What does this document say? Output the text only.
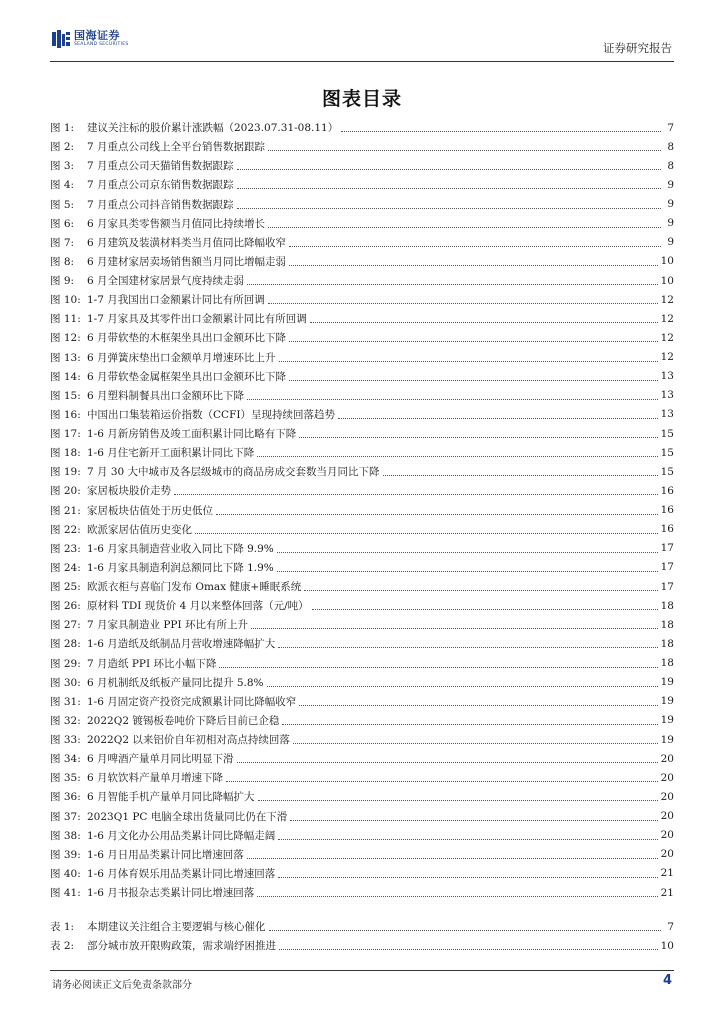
国海证券
SEALAND SECURITIES	证券研究报告
图表目录
图 1:	建议关注标的股价累计涨跌幅（2023.07.31-08.11）	7
图 2:	7 月重点公司线上全平台销售数据跟踪	8
图 3:	7 月重点公司天猫销售数据跟踪	8
图 4:	7 月重点公司京东销售数据跟踪	9
图 5:	7 月重点公司抖音销售数据跟踪	9
图 6:	6 月家具类零售额当月值同比持续增长	9
图 7:	6 月建筑及装潢材料类当月值同比降幅收窄	9
图 8:	6 月建材家居卖场销售额当月同比增幅走弱	10
图 9:	6 月全国建材家居景气度持续走弱	10
图 10: 1-7 月我国出口金额累计同比有所回调	12
图 11: 1-7 月家具及其零件出口金额累计同比有所回调	12
图 12: 6 月带软垫的木框架坐具出口金额环比下降	12
图 13: 6 月弹簧床垫出口金额单月增速环比上升	12
图 14: 6 月带软垫金属框架坐具出口金额环比下降	13
图 15: 6 月塑料制餐具出口金额环比下降	13
图 16: 中国出口集装箱运价指数（CCFI）呈现持续回落趋势	13
图 17: 1-6 月新房销售及竣工面积累计同比略有下降	15
图 18: 1-6 月住宅新开工面积累计同比下降	15
图 19: 7 月 30 大中城市及各层级城市的商品房成交套数当月同比下降	15
图 20: 家居板块股价走势	16
图 21: 家居板块估值处于历史低位	16
图 22: 欧派家居估值历史变化	16
图 23: 1-6 月家具制造营业收入同比下降 9.9%	17
图 24: 1-6 月家具制造利润总额同比下降 1.9%	17
图 25: 欧派衣柜与喜临门发布 Omax 健康+睡眠系统	17
图 26: 原材料 TDI 现货价 4 月以来整体回落（元/吨）	18
图 27: 7 月家具制造业 PPI 环比有所上升	18
图 28: 1-6 月造纸及纸制品月营收增速降幅扩大	18
图 29: 7 月造纸 PPI 环比小幅下降	18
图 30: 6 月机制纸及纸板产量同比提升 5.8%	19
图 31: 1-6 月固定资产投资完成额累计同比降幅收窄	19
图 32: 2022Q2 镀锡板卷吨价下降后目前已企稳	19
图 33: 2022Q2 以来铝价自年初相对高点持续回落	19
图 34: 6 月啤酒产量单月同比明显下滑	20
图 35: 6 月软饮料产量单月增速下降	20
图 36: 6 月智能手机产量单月同比降幅扩大	20
图 37: 2023Q1 PC 电脑全球出货量同比仍在下滑	20
图 38: 1-6 月文化办公用品类累计同比降幅走阔	20
图 39: 1-6 月日用品类累计同比增速回落	20
图 40: 1-6 月体育娱乐用品类累计同比增速回落	21
图 41: 1-6 月书报杂志类累计同比增速回落	21
表 1:	本期建议关注组合主要逻辑与核心催化	7
表 2:	部分城市放开限购政策，需求端纾困推进	10
请务必阅读正文后免责条款部分	4
